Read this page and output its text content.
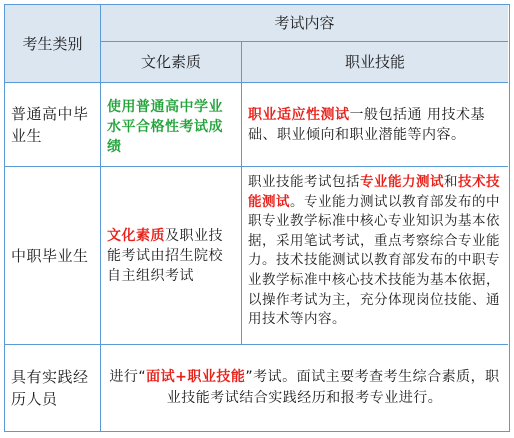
考生类别
考试内容
文化素质	职业技能
普通高中毕业生
使用普通高中学业水平合格性考试成绩
职业适应性测试一般包括通 用技术基础、职业倾向和职业潜能等内容。
中职毕业生
文化素质及职业技能考试由招生院校自主组织考试
职业技能考试包括专业能力测试和技术技能测试。专业能力测试以教育部发布的中职专业教学标准中核心专业知识为基本依据，采用笔试考试，重点考察综合专业能力。技术技能测试以教育部发布的中职专业教学标准中核心技术技能为基本依据，以操作考试为主，充分体现岗位技能、通用技术等内容。
具有实践经历人员
进行“面试+职业技能”考试。面试主要考查考生综合素质，职业技能考试结合实践经历和报考专业进行。
